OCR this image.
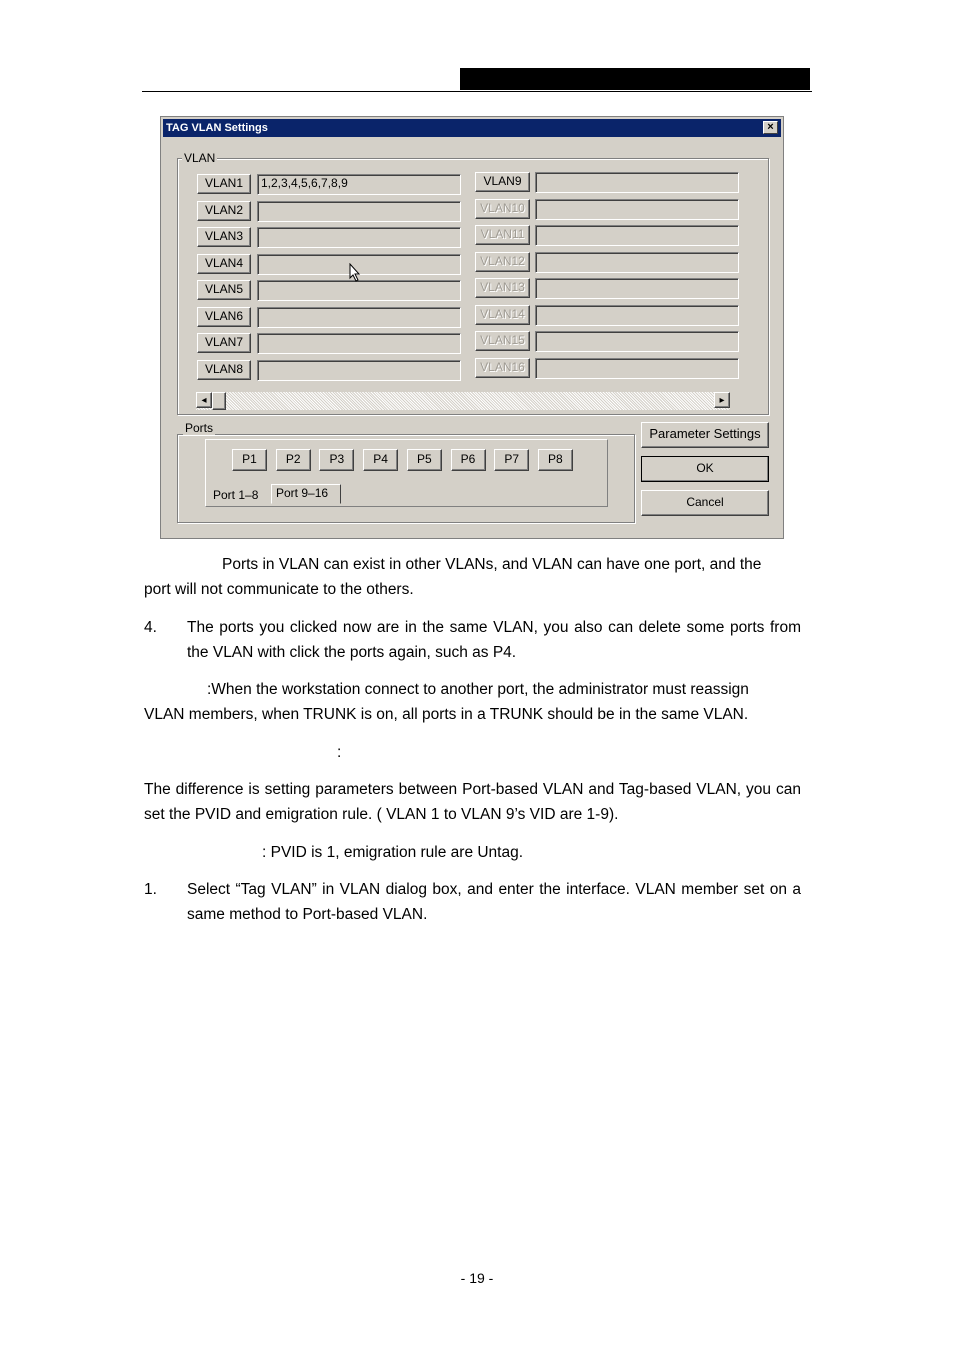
TAG VLAN Settings	×
VLAN
VLAN1	1,2,3,4,5,6,7,8,9
VLAN2
VLAN3
VLAN4
VLAN5
VLAN6
VLAN7
VLAN8
VLAN9
VLAN10
VLAN11
VLAN12
VLAN13
VLAN14
VLAN15
VLAN16
◂	▸
Ports
P1	P2	P3	P4	P5	P6	P7	P8
Port 1–8	Port 9–16
Parameter Settings
OK
Cancel
Ports in VLAN can exist in other VLANs, and VLAN can have one port, and the
port will not communicate to the others.
4. The ports you clicked now are in the same VLAN, you also can delete some ports from the VLAN with click the ports again, such as P4.
:When the workstation connect to another port, the administrator must reassign
VLAN members, when TRUNK is on, all ports in a TRUNK should be in the same VLAN.
:
The difference is setting parameters between Port-based VLAN and Tag-based VLAN, you can set the PVID and emigration rule. ( VLAN 1 to VLAN 9’s VID are 1-9).
: PVID is 1, emigration rule are Untag.
1. Select “Tag VLAN” in VLAN dialog box, and enter the interface. VLAN member set on a same method to Port-based VLAN.
- 19 -
